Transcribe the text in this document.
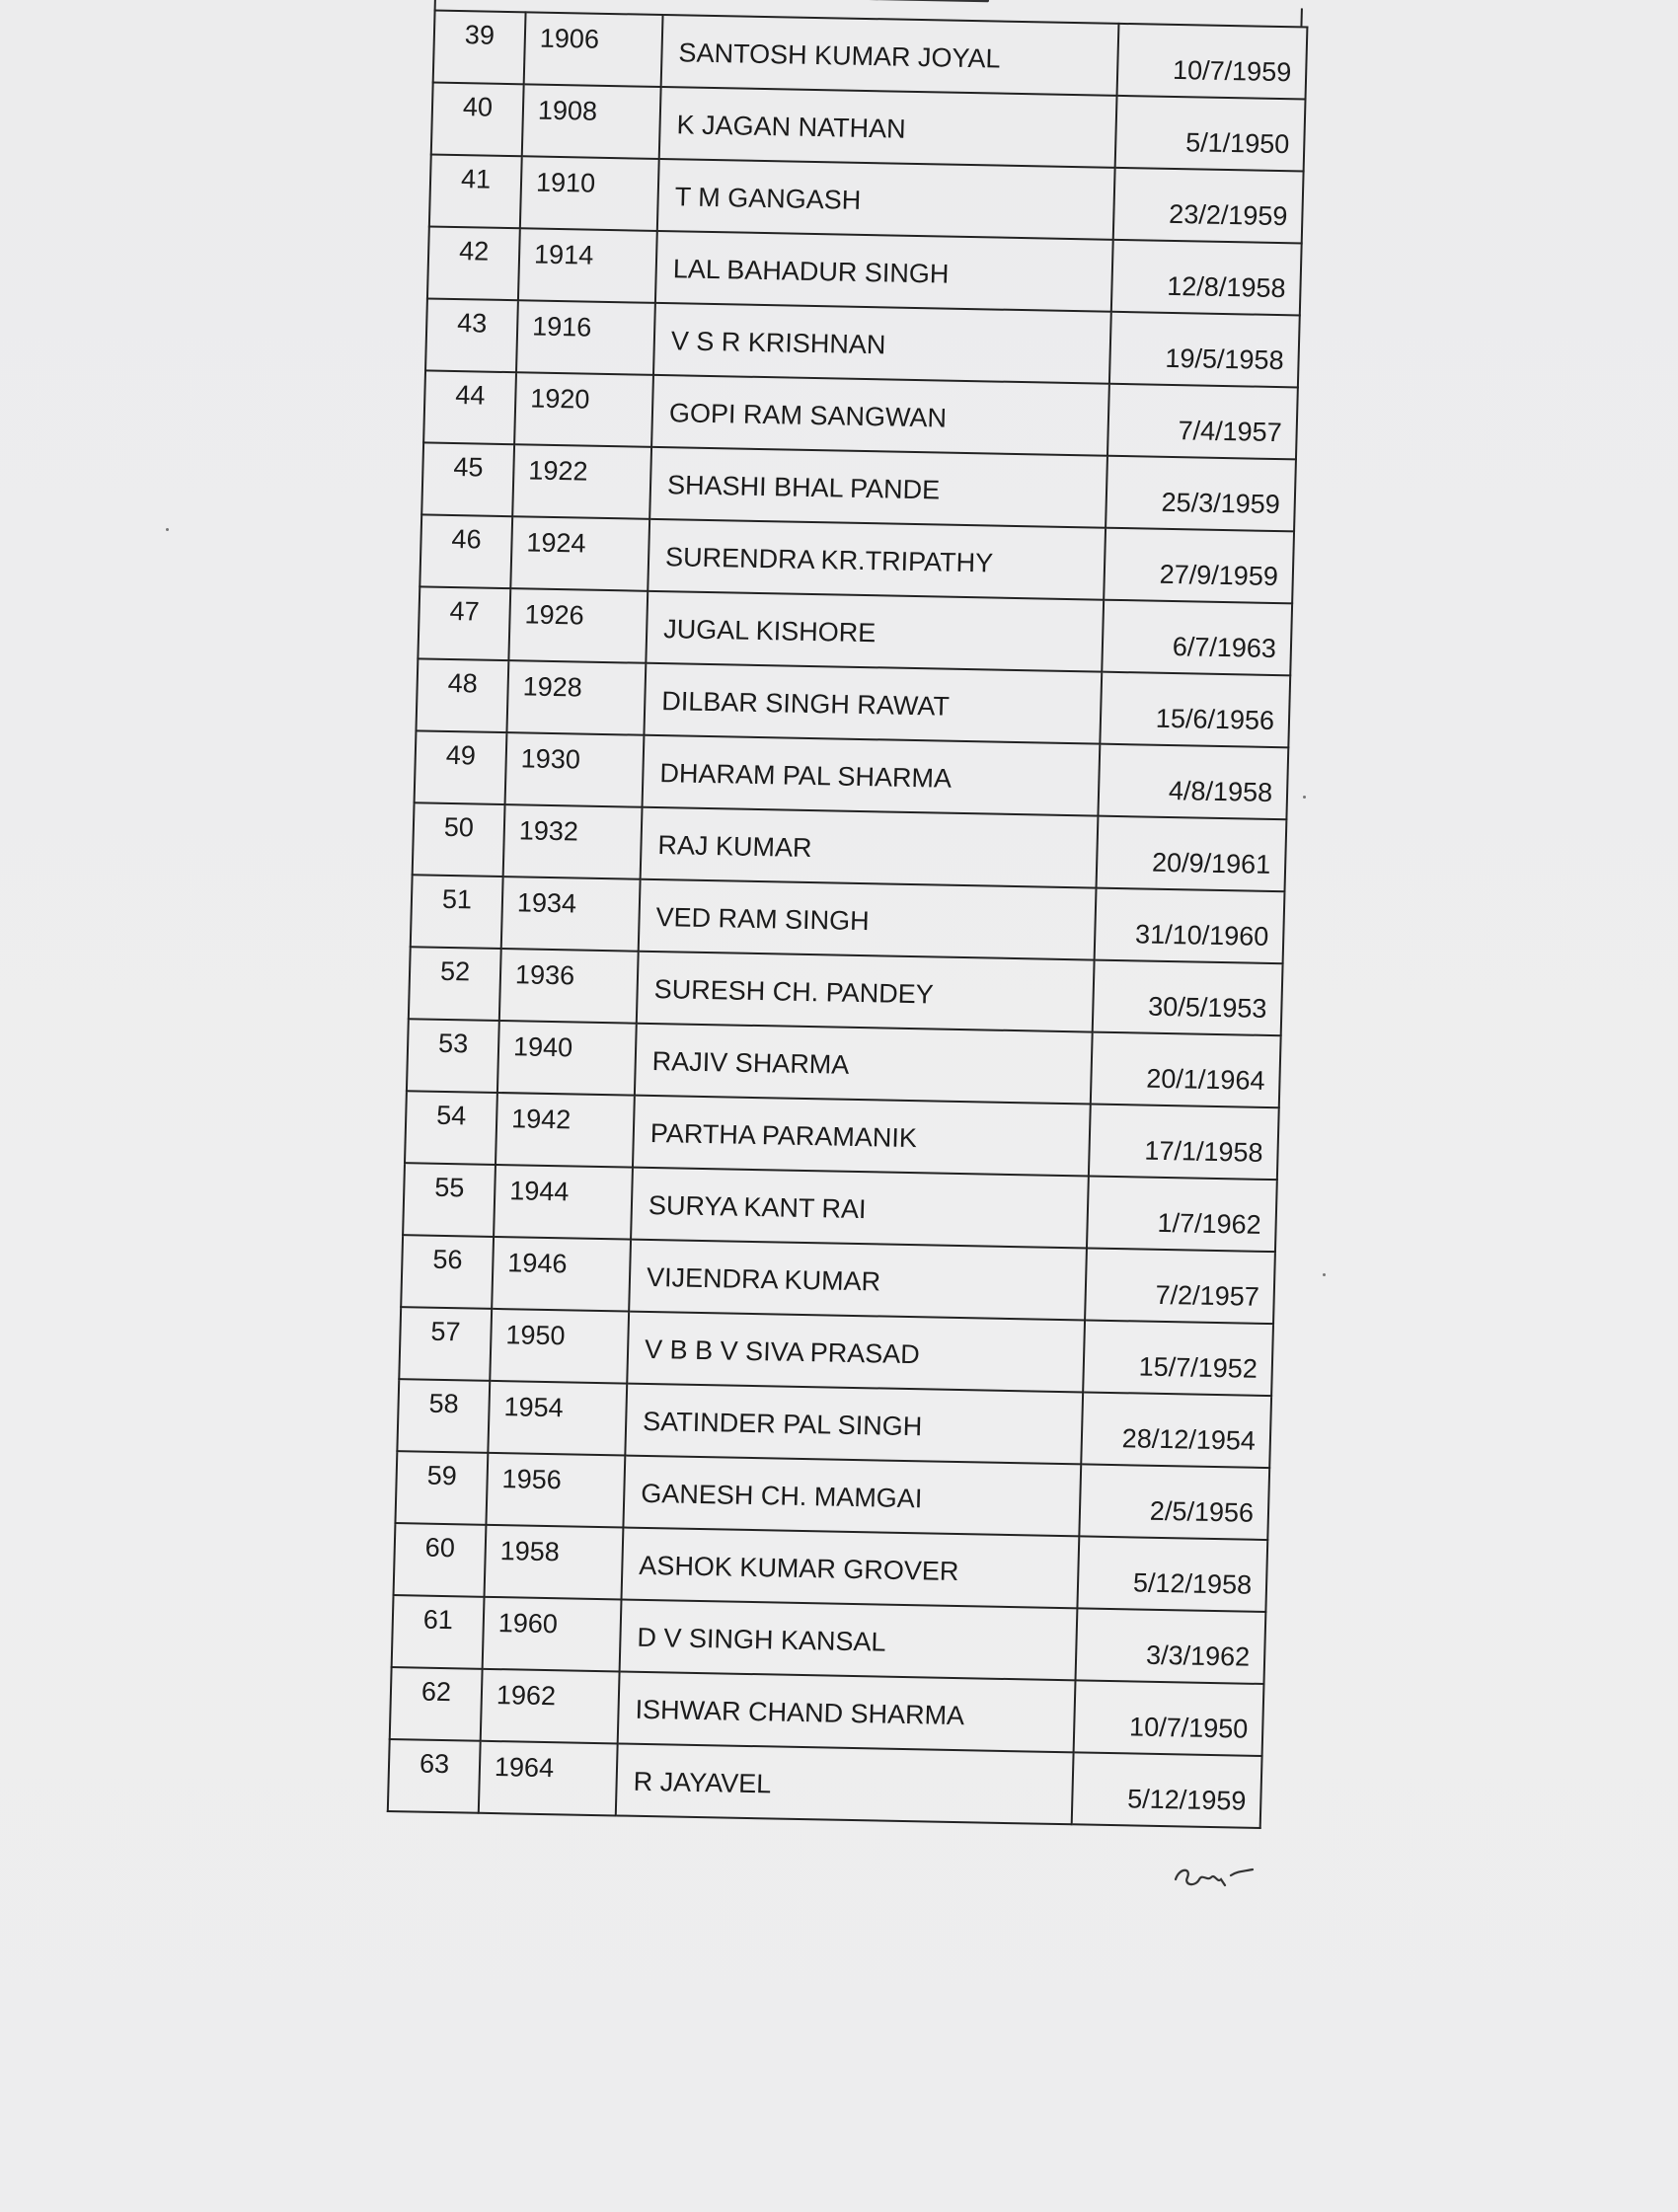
39	1906	SANTOSH KUMAR JOYAL	10/7/1959

40	1908	K JAGAN NATHAN	5/1/1950

41	1910	T M GANGASH	23/2/1959

42	1914	LAL BAHADUR SINGH	12/8/1958

43	1916	V S R KRISHNAN	19/5/1958

44	1920	GOPI RAM SANGWAN	7/4/1957

45	1922	SHASHI BHAL PANDE	25/3/1959

46	1924	SURENDRA KR.TRIPATHY	27/9/1959

47	1926	JUGAL KISHORE	6/7/1963

48	1928	DILBAR SINGH RAWAT	15/6/1956

49	1930	DHARAM PAL SHARMA	4/8/1958

50	1932	RAJ KUMAR	20/9/1961

51	1934	VED RAM SINGH	31/10/1960

52	1936	SURESH CH. PANDEY	30/5/1953

53	1940	RAJIV SHARMA	20/1/1964

54	1942	PARTHA PARAMANIK	17/1/1958

55	1944	SURYA KANT RAI	1/7/1962

56	1946	VIJENDRA KUMAR	7/2/1957

57	1950	V B B V SIVA PRASAD	15/7/1952

58	1954	SATINDER PAL SINGH	28/12/1954

59	1956	GANESH CH. MAMGAI	2/5/1956

60	1958	ASHOK KUMAR GROVER	5/12/1958

61	1960	D V SINGH KANSAL	3/3/1962

62	1962	ISHWAR CHAND SHARMA	10/7/1950

63	1964	R JAYAVEL	5/12/1959
